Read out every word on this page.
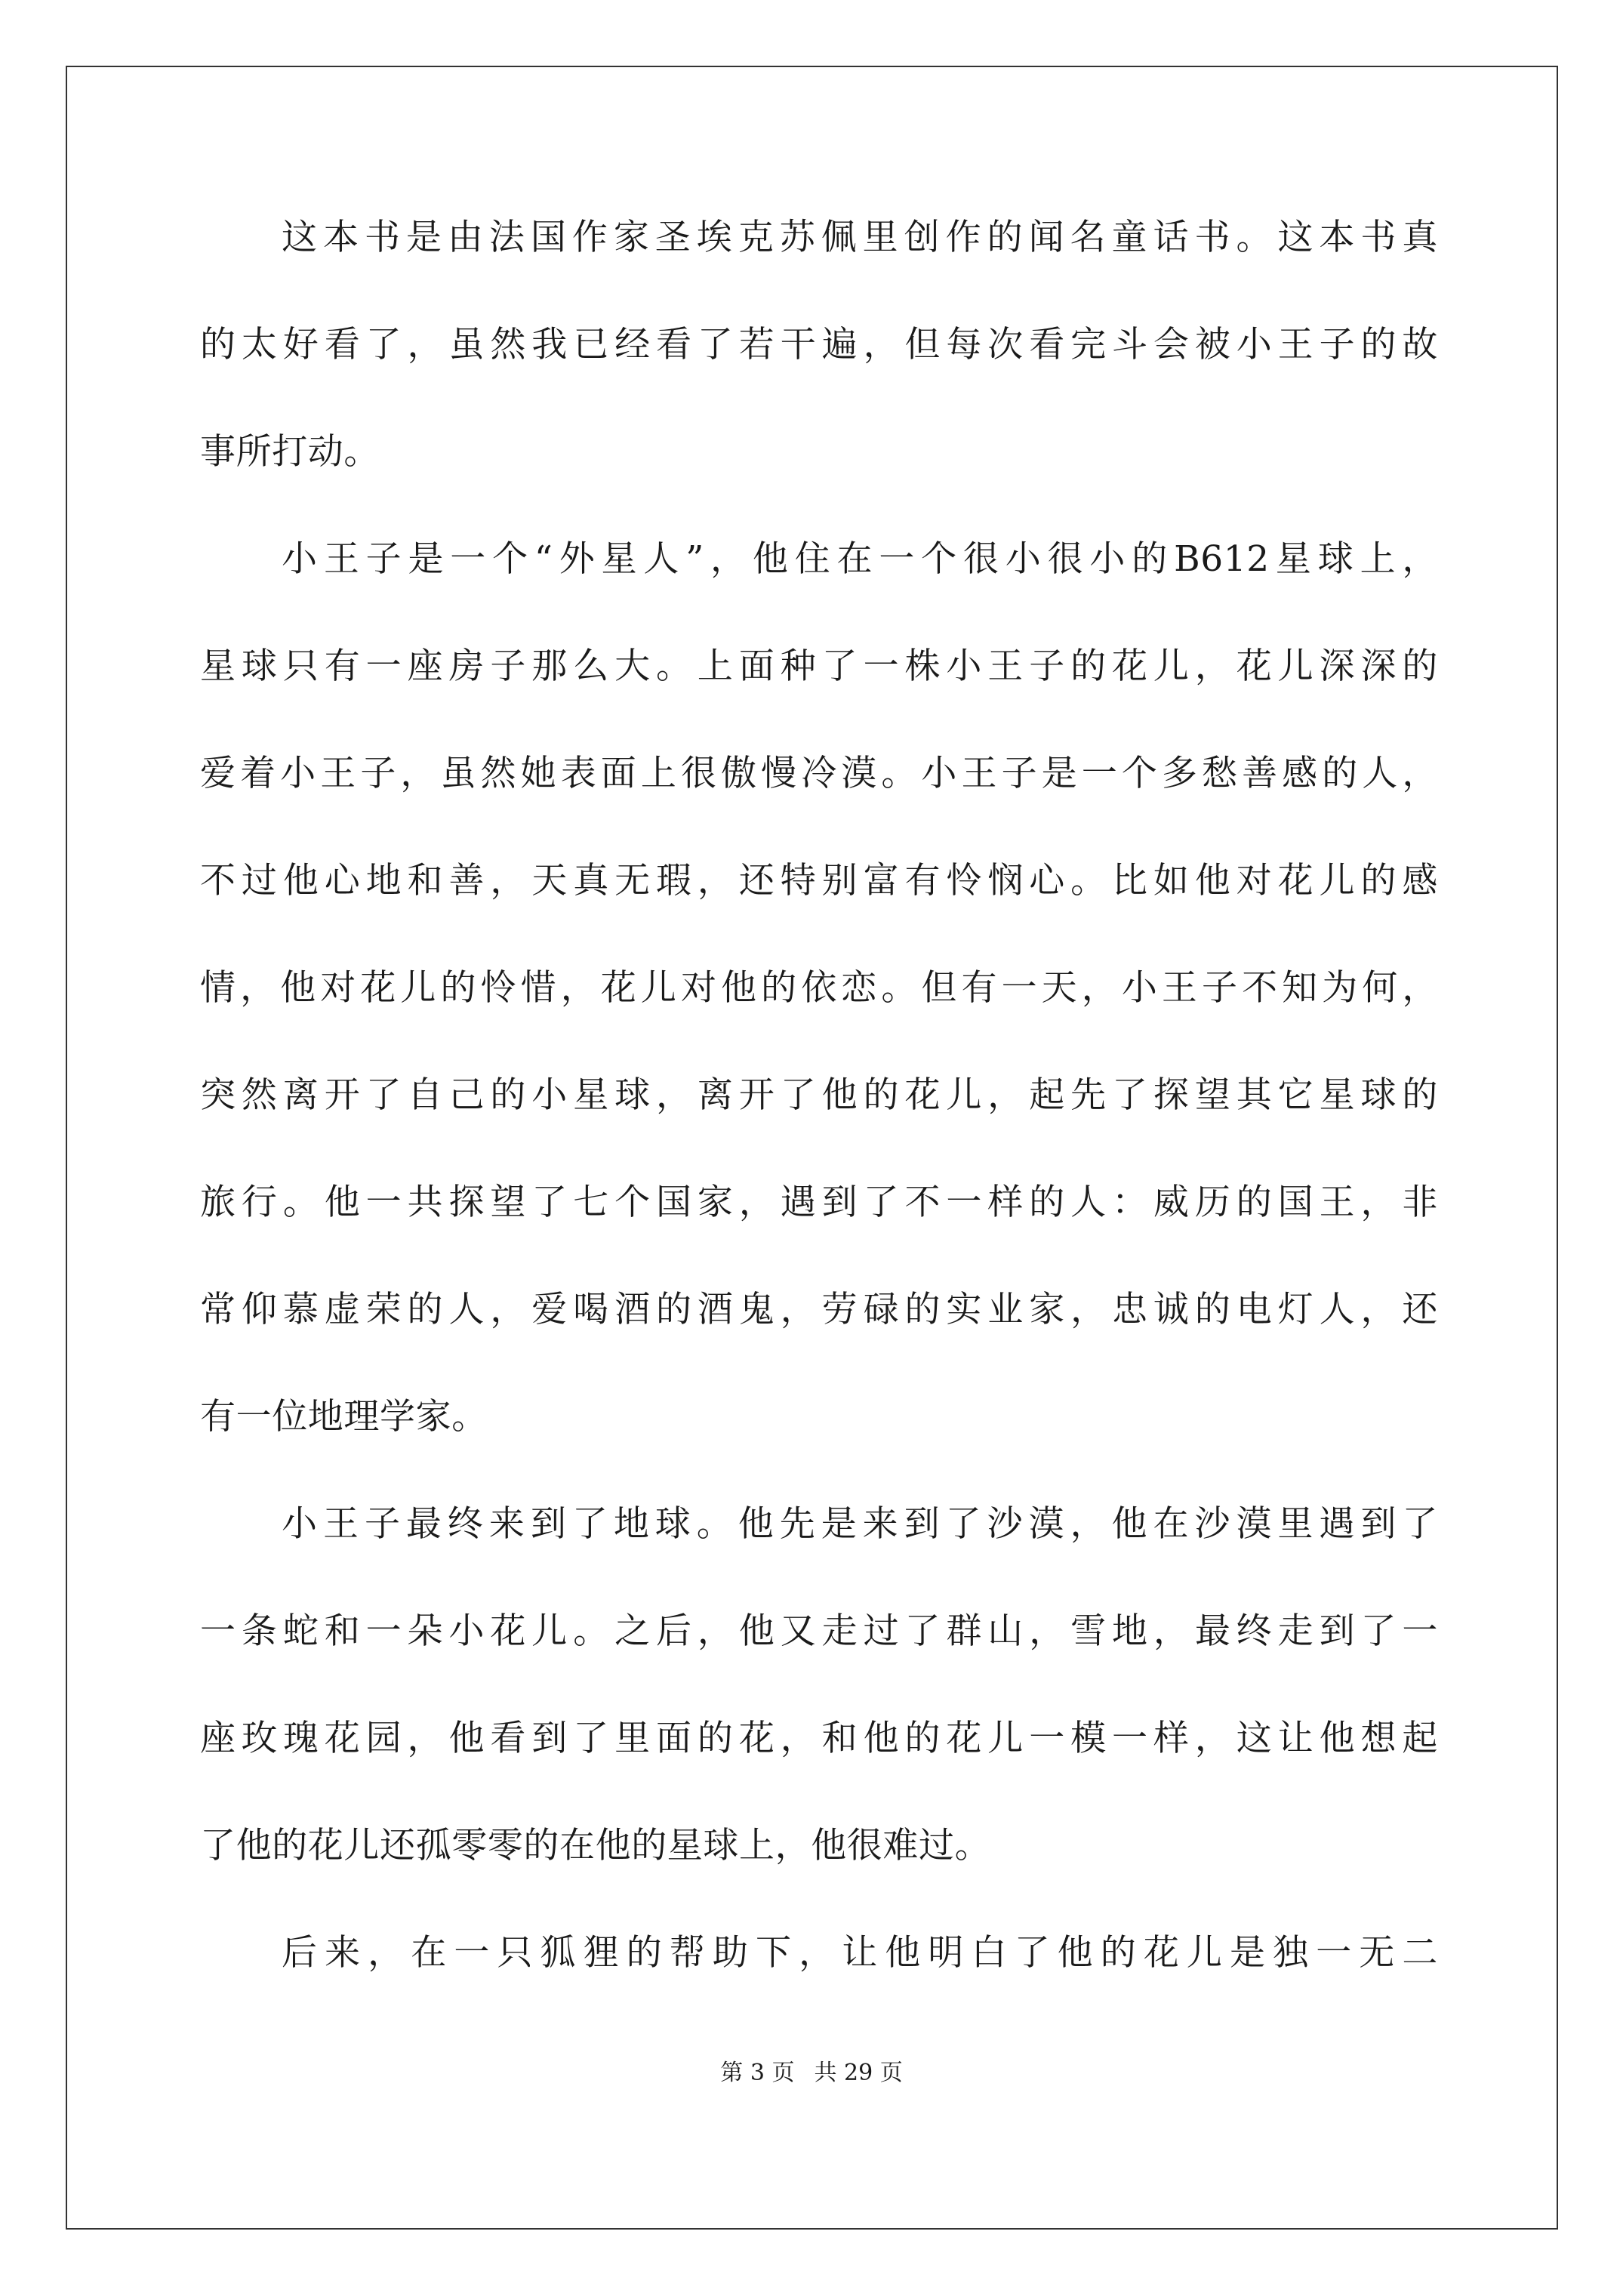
这本书是由法国作家圣埃克苏佩里创作的闻名童话书。这本书真
的太好看了，虽然我已经看了若干遍，但每次看完斗会被小王子的故
事所打动。
小王子是一个“外星人”，他住在一个很小很小的B612星球上，
星球只有一座房子那么大。上面种了一株小王子的花儿，花儿深深的
爱着小王子，虽然她表面上很傲慢冷漠。小王子是一个多愁善感的人，
不过他心地和善，天真无瑕，还特别富有怜悯心。比如他对花儿的感
情，他对花儿的怜惜，花儿对他的依恋。但有一天，小王子不知为何，
突然离开了自己的小星球，离开了他的花儿，起先了探望其它星球的
旅行。他一共探望了七个国家，遇到了不一样的人：威历的国王，非
常仰慕虚荣的人，爱喝酒的酒鬼，劳碌的实业家，忠诚的电灯人，还
有一位地理学家。
小王子最终来到了地球。他先是来到了沙漠，他在沙漠里遇到了
一条蛇和一朵小花儿。之后，他又走过了群山，雪地，最终走到了一
座玫瑰花园，他看到了里面的花，和他的花儿一模一样，这让他想起
了他的花儿还孤零零的在他的星球上，他很难过。
后来，在一只狐狸的帮助下，让他明白了他的花儿是独一无二
第 3 页 共 29 页
